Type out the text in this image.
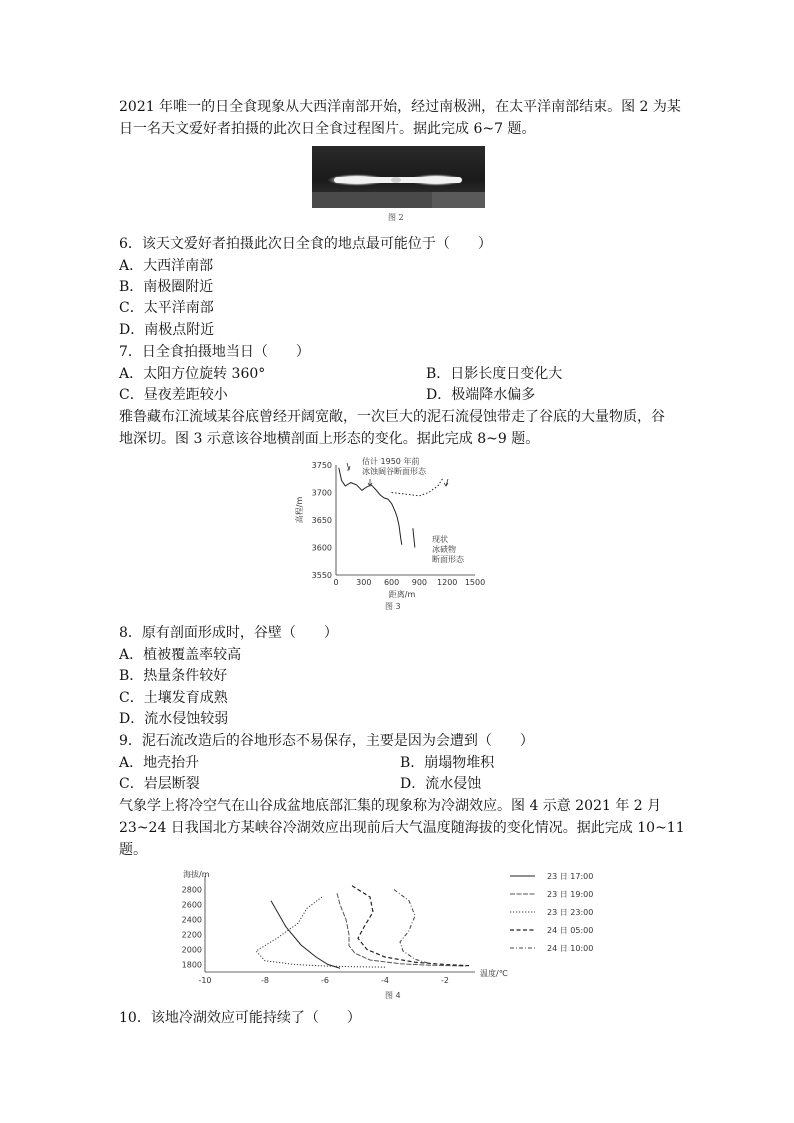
2021 年唯一的日全食现象从大西洋南部开始，经过南极洲，在太平洋南部结束。图 2 为某
日一名天文爱好者拍摄的此次日全食过程图片。据此完成 6~7 题。
图 2
6．该天文爱好者拍摄此次日全食的地点最可能位于（　　）
A．大西洋南部
B．南极圈附近
C．太平洋南部
D．南极点附近
7．日全食拍摄地当日（　　）
A．太阳方位旋转 360°	B．日影长度日变化大
C．昼夜差距较小	D．极端降水偏多
雅鲁藏布江流域某谷底曾经开阔宽敞，一次巨大的泥石流侵蚀带走了谷底的大量物质，谷
地深切。图 3 示意该谷地横剖面上形态的变化。据此完成 8~9 题。
3550
3600
3650
3700
3750
0 300 600 900 1200 1500
高程/m
距离/m
估计 1950 年前
冰蚀阔谷断面形态
现状
冰碛物
断面形态
图 3
8．原有剖面形成时，谷壁（　　）
A．植被覆盖率较高
B．热量条件较好
C．土壤发育成熟
D．流水侵蚀较弱
9．泥石流改造后的谷地形态不易保存，主要是因为会遭到（　　）
A．地壳抬升	B．崩塌物堆积
C．岩层断裂	D．流水侵蚀
气象学上将冷空气在山谷成盆地底部汇集的现象称为冷湖效应。图 4 示意 2021 年 2 月
23~24 日我国北方某峡谷冷湖效应出现前后大气温度随海拔的变化情况。据此完成 10~11
题。
1800
2000
2200
2400
2600
2800
-10	-8	-6	-4	-2
23 日 17:00
23 日 19:00
23 日 23:00
24 日 05:00
24 日 10:00
海拔/m
温度/℃
图 4
10．该地冷湖效应可能持续了（　　）
